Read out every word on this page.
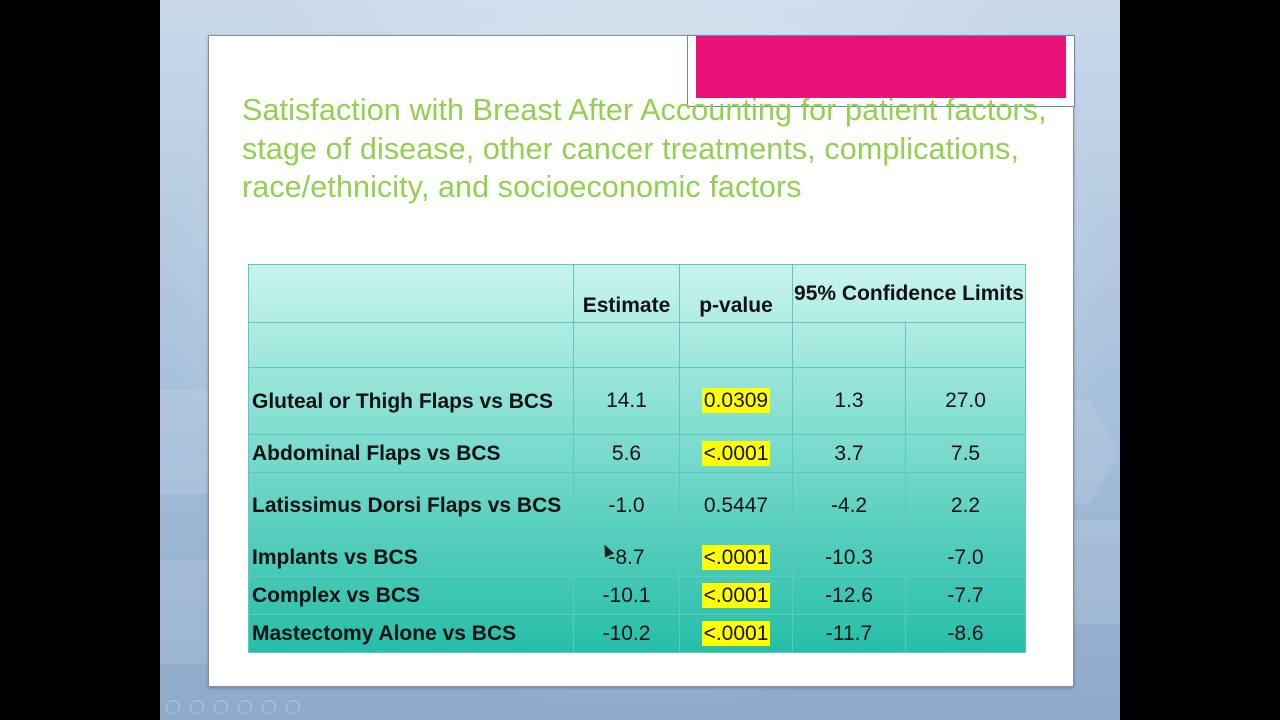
Satisfaction with Breast After Accounting for patient factors, stage of disease, other cancer treatments, complications, race/ethnicity, and socioeconomic factors
	Estimate	p-value	95% Confidence Limits	

Gluteal or Thigh Flaps vs BCS	14.1	0.0309	1.3	27.0
Abdominal Flaps vs BCS	5.6	<.0001	3.7	7.5
Latissimus Dorsi Flaps vs BCS	-1.0	0.5447	-4.2	2.2
Implants vs BCS	-8.7	<.0001	-10.3	-7.0
Complex vs BCS	-10.1	<.0001	-12.6	-7.7
Mastectomy Alone vs BCS	-10.2	<.0001	-11.7	-8.6
